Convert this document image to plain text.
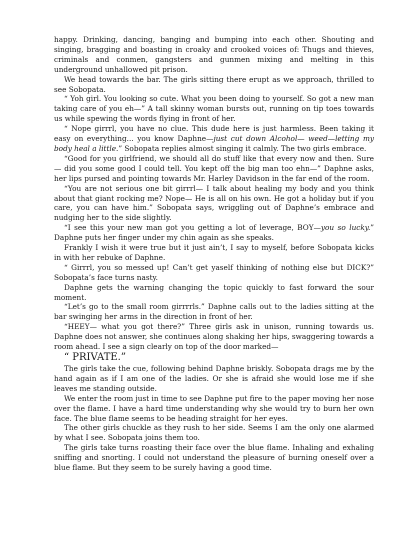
happy. Drinking, dancing, banging and bumping into each other. Shouting and singing, bragging and boasting in croaky and crooked voices of: Thugs and thieves, criminals and conmen, gangsters and gunmen mixing and melting in this underground unhallowed pit prison.

We head towards the bar. The girls sitting there erupt as we approach, thrilled to see Sobopata.

“ Yoh girl. You looking so cute. What you been doing to yourself. So got a new man taking care of you eh—” A tall skinny woman bursts out, running on tip toes towards us while spewing the words flying in front of her.

“ Nope girrrl, you have no clue. This dude here is just harmless. Been taking it easy on everything... you know Daphne—just cut down Alcohol— weed—letting my body heal a little.” Sobopata replies almost singing it calmly. The two girls embrace.

“Good for you girlfriend, we should all do stuff like that every now and then. Sure— did you some good I could tell. You kept off the big man too ehn—” Daphne asks, her lips pursed and pointing towards Mr. Harley Davidson in the far end of the room.

“You are not serious one bit girrrl— I talk about healing my body and you think about that giant rocking me? Nope— He is all on his own. He got a holiday but if you care, you can have him.” Sobopata says, wriggling out of Daphne’s embrace and nudging her to the side slightly.

“I see this your new man got you getting a lot of leverage, BOY—you so lucky.” Daphne puts her finger under my chin again as she speaks.

Frankly I wish it were true but it just ain’t, I say to myself, before Sobopata kicks in with her rebuke of Daphne.

“ Girrrl, you so messed up! Can’t get yaself thinking of nothing else but DICK?” Sobopata’s face turns nasty.

Daphne gets the warning changing the topic quickly to fast forward the sour moment.

“Let’s go to the small room girrrrls.” Daphne calls out to the ladies sitting at the bar swinging her arms in the direction in front of her.

“HEEY— what you got there?” Three girls ask in unison, running towards us. Daphne does not answer, she continues along shaking her hips, swaggering towards a room ahead. I see a sign clearly on top of the door marked—

“ PRIVATE.”

The girls take the cue, following behind Daphne briskly. Sobopata drags me by the hand again as if I am one of the ladies. Or she is afraid she would lose me if she leaves me standing outside.

We enter the room just in time to see Daphne put fire to the paper moving her nose over the flame. I have a hard time understanding why she would try to burn her own face. The blue flame seems to be heading straight for her eyes.

The other girls chuckle as they rush to her side. Seems I am the only one alarmed by what I see. Sobopata joins them too.

The girls take turns roasting their face over the blue flame. Inhaling and exhaling sniffing and snorting. I could not understand the pleasure of burning oneself over a blue flame. But they seem to be surely having a good time.
